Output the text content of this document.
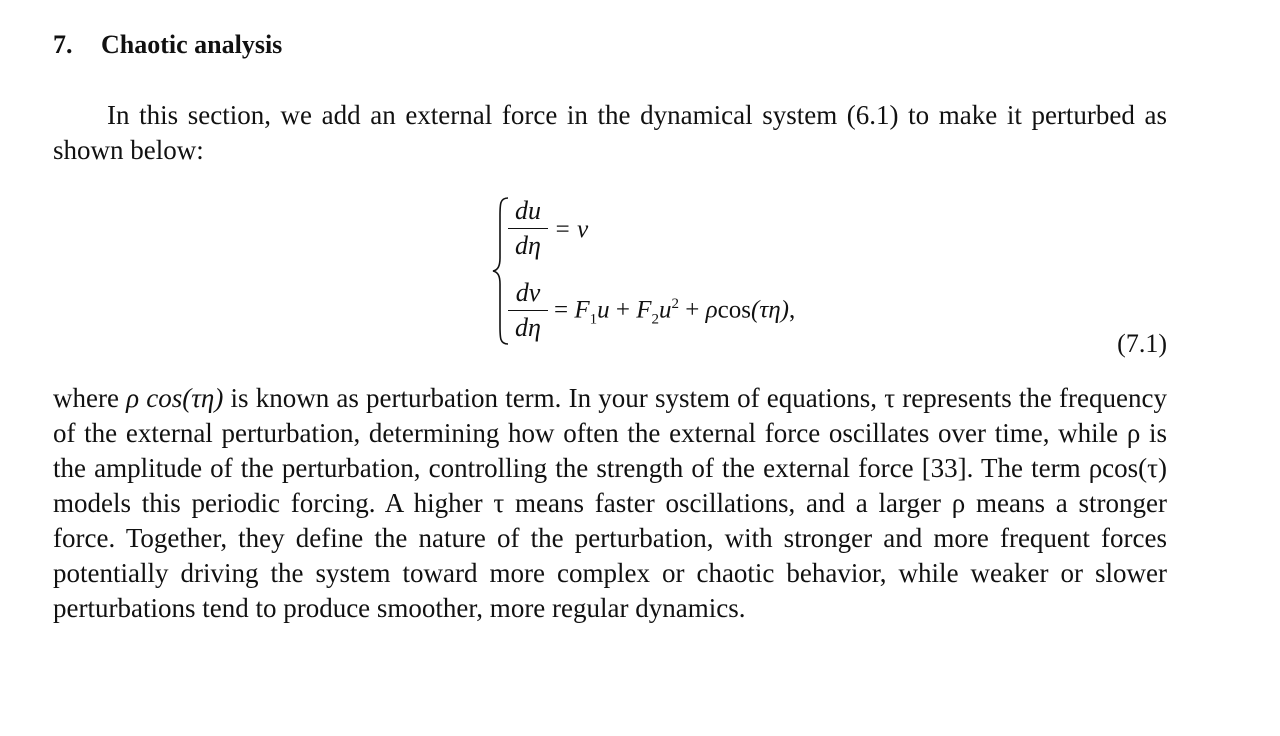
7. Chaotic analysis

In this section, we add an external force in the dynamical system (6.1) to make it perturbed as shown below:

du
dη
= v
dv
dη
= $F_1u + F_2u^2 + \rho\cos(\tau\eta)$,
(7.1)

where ρ cos(τη) is known as perturbation term. In your system of equations, τ represents the frequency of the external perturbation, determining how often the external force oscillates over time, while ρ is the amplitude of the perturbation, controlling the strength of the external force [33]. The term ρcos(τ) models this periodic forcing. A higher τ means faster oscillations, and a larger ρ means a stronger force. Together, they define the nature of the perturbation, with stronger and more frequent forces potentially driving the system toward more complex or chaotic behavior, while weaker or slower perturbations tend to produce smoother, more regular dynamics.
